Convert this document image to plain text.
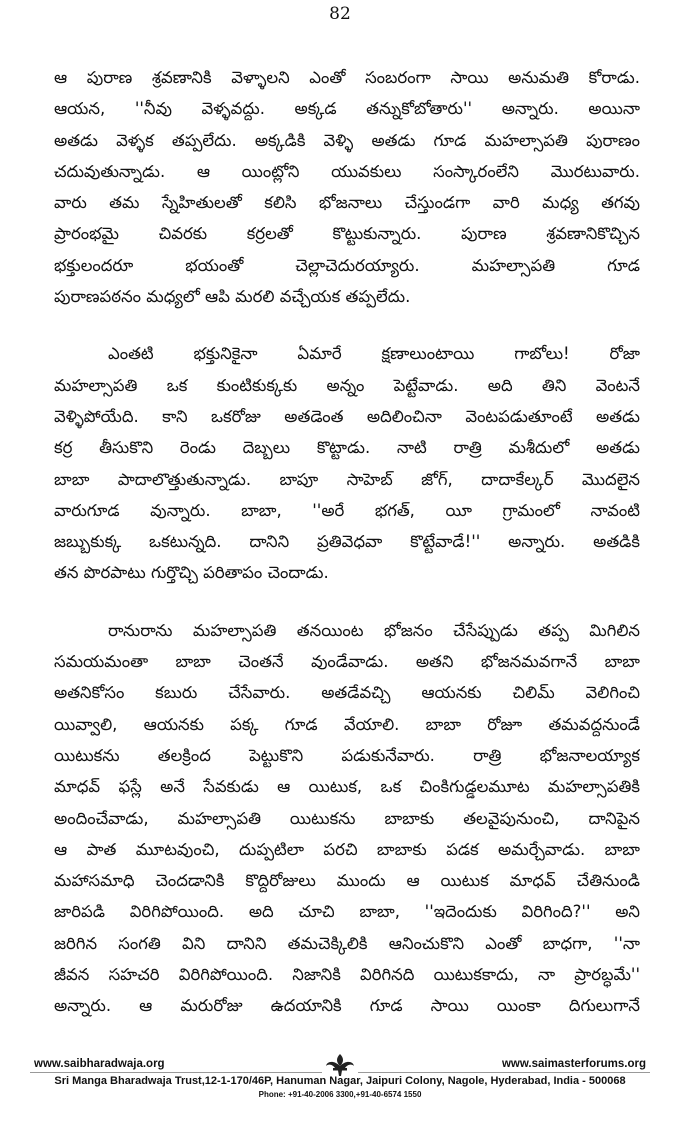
82
ఆ పురాణ శ్రవణానికి వెళ్ళాలని ఎంతో సంబరంగా సాయి అనుమతి కోరాడు.
ఆయన, ''నీవు వెళ్ళవద్దు. అక్కడ తన్నుకోబోతారు'' అన్నారు. అయినా
అతడు వెళ్ళక తప్పలేదు. అక్కడికి వెళ్ళి అతడు గూడ మహల్సాపతి పురాణం
చదువుతున్నాడు. ఆ యింట్లోని యువకులు సంస్కారంలేని మొరటువారు.
వారు తమ స్నేహితులతో కలిసి భోజనాలు చేస్తుండగా వారి మధ్య తగవు
ప్రారంభమై చివరకు కర్రలతో కొట్టుకున్నారు. పురాణ శ్రవణానికొచ్చిన
భక్తులందరూ భయంతో చెల్లాచెదురయ్యారు. మహల్సాపతి గూడ
పురాణపఠనం మధ్యలో ఆపి మరలి వచ్చేయక తప్పలేదు.
ఎంతటి భక్తునికైనా ఏమారే క్షణాలుంటాయి గాబోలు! రోజా
మహల్సాపతి ఒక కుంటికుక్కకు అన్నం పెట్టేవాడు. అది తిని వెంటనే
వెళ్ళిపోయేది. కాని ఒకరోజు అతడెంత అదిలించినా వెంటపడుతూంటే అతడు
కర్ర తీసుకొని రెండు దెబ్బలు కొట్టాడు. నాటి రాత్రి మశీదులో అతడు
బాబా పాదాలొత్తుతున్నాడు. బాపూ సాహెబ్ జోగ్, దాదాకేల్కర్ మొదలైన
వారుగూడ వున్నారు. బాబా, ''అరే భగత్, యీ గ్రామంలో నావంటి
జబ్బుకుక్క ఒకటున్నది. దానిని ప్రతివెధవా కొట్టేవాడే!'' అన్నారు. అతడికి
తన పొరపాటు గుర్తొచ్చి పరితాపం చెందాడు.
రానురాను మహల్సాపతి తనయింట భోజనం చేసేప్పుడు తప్ప మిగిలిన
సమయమంతా బాబా చెంతనే వుండేవాడు. అతని భోజనమవగానే బాబా
అతనికోసం కబురు చేసేవారు. అతడేవచ్చి ఆయనకు చిలిమ్ వెలిగించి
యివ్వాలి, ఆయనకు పక్క గూడ వేయాలి. బాబా రోజూ తమవద్దనుండే
యిటుకను తలక్రింద పెట్టుకొని పడుకునేవారు. రాత్రి భోజనాలయ్యాక
మాధవ్ ఫస్లే అనే సేవకుడు ఆ యిటుక, ఒక చింకిగుడ్డలమూట మహల్సాపతికి
అందించేవాడు, మహల్సాపతి యిటుకను బాబాకు తలవైపునుంచి, దానిపైన
ఆ పాత మూటవుంచి, దుప్పటిలా పరచి బాబాకు పడక అమర్చేవాడు. బాబా
మహాసమాధి చెందడానికి కొద్దిరోజులు ముందు ఆ యిటుక మాధవ్ చేతినుండి
జారిపడి విరిగిపోయింది. అది చూచి బాబా, ''ఇదెందుకు విరిగింది?'' అని
జరిగిన సంగతి విని దానిని తమచెక్కిలికి ఆనించుకొని ఎంతో బాధగా, ''నా
జీవన సహచరి విరిగిపోయింది. నిజానికి విరిగినది యిటుకకాదు, నా ప్రారబ్ధమే''
అన్నారు. ఆ మరురోజు ఉదయానికి గూడ సాయి యింకా దిగులుగానే
www.saibharadwaja.org	www.saimasterforums.org
Sri Manga Bharadwaja Trust,12-1-170/46P, Hanuman Nagar, Jaipuri Colony, Nagole, Hyderabad, India - 500068
Phone: +91-40-2006 3300,+91-40-6574 1550
